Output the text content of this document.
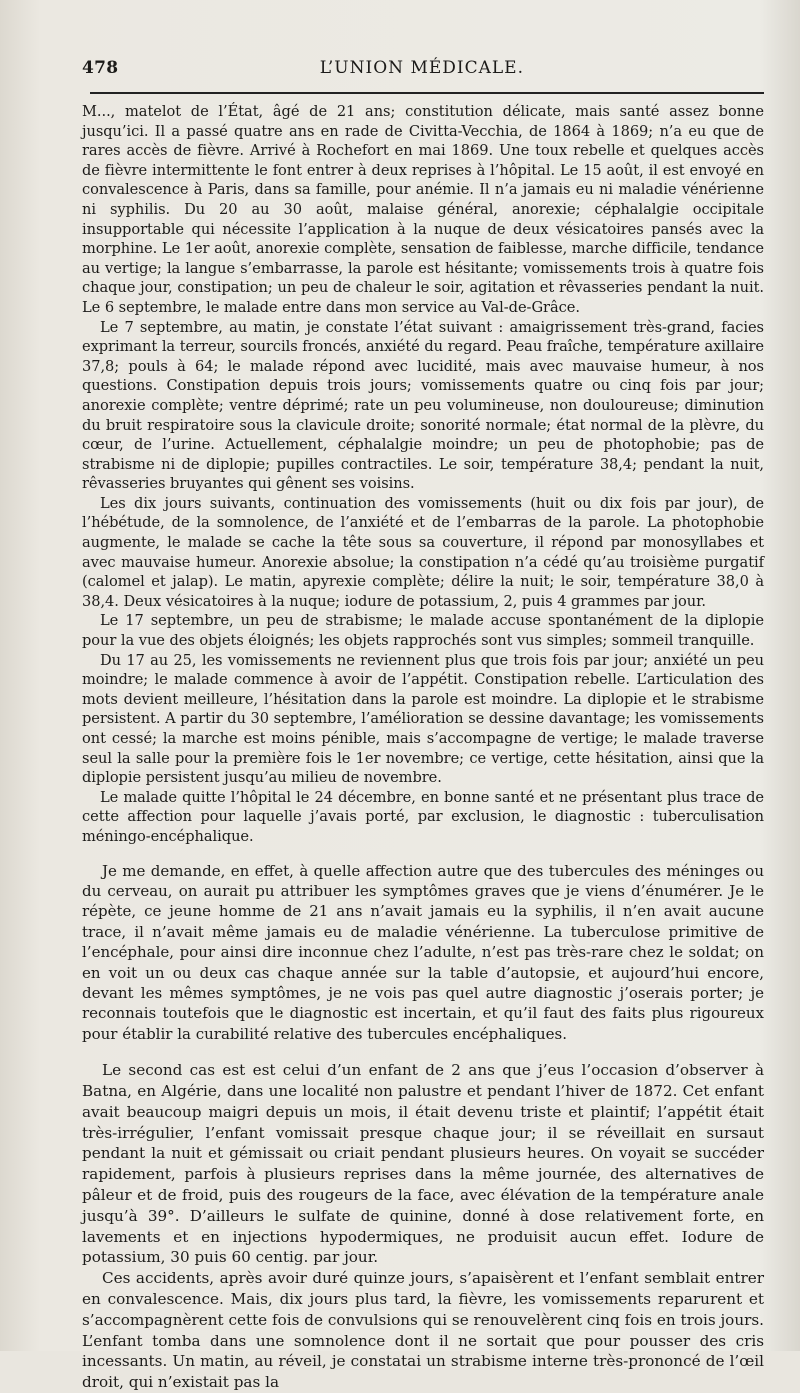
478	L’UNION MÉDICALE.

M..., matelot de l’État, âgé de 21 ans; constitution délicate, mais santé assez bonne jusqu’ici. Il a passé quatre ans en rade de Civitta-Vecchia, de 1864 à 1869; n’a eu que de rares accès de fièvre. Arrivé à Rochefort en mai 1869. Une toux rebelle et quelques accès de fièvre intermittente le font entrer à deux reprises à l’hôpital. Le 15 août, il est envoyé en convalescence à Paris, dans sa famille, pour anémie. Il n’a jamais eu ni maladie vénérienne ni syphilis. Du 20 au 30 août, malaise général, anorexie; céphalalgie occipitale insupportable qui nécessite l’application à la nuque de deux vésicatoires pansés avec la morphine. Le 1er août, anorexie complète, sensation de faiblesse, marche difficile, tendance au vertige; la langue s’embarrasse, la parole est hésitante; vomissements trois à quatre fois chaque jour, constipation; un peu de chaleur le soir, agitation et rêvasseries pendant la nuit. Le 6 septembre, le malade entre dans mon service au Val-de-Grâce.

Le 7 septembre, au matin, je constate l’état suivant : amaigrissement très-grand, facies exprimant la terreur, sourcils froncés, anxiété du regard. Peau fraîche, température axillaire 37,8; pouls à 64; le malade répond avec lucidité, mais avec mauvaise humeur, à nos questions. Constipation depuis trois jours; vomissements quatre ou cinq fois par jour; anorexie complète; ventre déprimé; rate un peu volumineuse, non douloureuse; diminution du bruit respiratoire sous la clavicule droite; sonorité normale; état normal de la plèvre, du cœur, de l’urine. Actuellement, céphalalgie moindre; un peu de photophobie; pas de strabisme ni de diplopie; pupilles contractiles. Le soir, température 38,4; pendant la nuit, rêvasseries bruyantes qui gênent ses voisins.

Les dix jours suivants, continuation des vomissements (huit ou dix fois par jour), de l’hébétude, de la somnolence, de l’anxiété et de l’embarras de la parole. La photophobie augmente, le malade se cache la tête sous sa couverture, il répond par monosyllabes et avec mauvaise humeur. Anorexie absolue; la constipation n’a cédé qu’au troisième purgatif (calomel et jalap). Le matin, apyrexie complète; délire la nuit; le soir, température 38,0 à 38,4. Deux vésicatoires à la nuque; iodure de potassium, 2, puis 4 grammes par jour.

Le 17 septembre, un peu de strabisme; le malade accuse spontanément de la diplopie pour la vue des objets éloignés; les objets rapprochés sont vus simples; sommeil tranquille.

Du 17 au 25, les vomissements ne reviennent plus que trois fois par jour; anxiété un peu moindre; le malade commence à avoir de l’appétit. Constipation rebelle. L’articulation des mots devient meilleure, l’hésitation dans la parole est moindre. La diplopie et le strabisme persistent. A partir du 30 septembre, l’amélioration se dessine davantage; les vomissements ont cessé; la marche est moins pénible, mais s’accompagne de vertige; le malade traverse seul la salle pour la première fois le 1er novembre; ce vertige, cette hésitation, ainsi que la diplopie persistent jusqu’au milieu de novembre.

Le malade quitte l’hôpital le 24 décembre, en bonne santé et ne présentant plus trace de cette affection pour laquelle j’avais porté, par exclusion, le diagnostic : tuberculisation méningo-encéphalique.

Je me demande, en effet, à quelle affection autre que des tubercules des méninges ou du cerveau, on aurait pu attribuer les symptômes graves que je viens d’énumérer. Je le répète, ce jeune homme de 21 ans n’avait jamais eu la syphilis, il n’en avait aucune trace, il n’avait même jamais eu de maladie vénérienne. La tuberculose primitive de l’encéphale, pour ainsi dire inconnue chez l’adulte, n’est pas très-rare chez le soldat; on en voit un ou deux cas chaque année sur la table d’autopsie, et aujourd’hui encore, devant les mêmes symptômes, je ne vois pas quel autre diagnostic j’oserais porter; je reconnais toutefois que le diagnostic est incertain, et qu’il faut des faits plus rigoureux pour établir la curabilité relative des tubercules encéphaliques.

Le second cas est est celui d’un enfant de 2 ans que j’eus l’occasion d’observer à Batna, en Algérie, dans une localité non palustre et pendant l’hiver de 1872. Cet enfant avait beaucoup maigri depuis un mois, il était devenu triste et plaintif; l’appétit était très-irrégulier, l’enfant vomissait presque chaque jour; il se réveillait en sursaut pendant la nuit et gémissait ou criait pendant plusieurs heures. On voyait se succéder rapidement, parfois à plusieurs reprises dans la même journée, des alternatives de pâleur et de froid, puis des rougeurs de la face, avec élévation de la température anale jusqu’à 39°. D’ailleurs le sulfate de quinine, donné à dose relativement forte, en lavements et en injections hypodermiques, ne produisit aucun effet. Iodure de potassium, 30 puis 60 centig. par jour.

Ces accidents, après avoir duré quinze jours, s’apaisèrent et l’enfant semblait entrer en convalescence. Mais, dix jours plus tard, la fièvre, les vomissements reparurent et s’accompagnèrent cette fois de convulsions qui se renouvelèrent cinq fois en trois jours. L’enfant tomba dans une somnolence dont il ne sortait que pour pousser des cris incessants. Un matin, au réveil, je constatai un strabisme interne très-prononcé de l’œil droit, qui n’existait pas la
